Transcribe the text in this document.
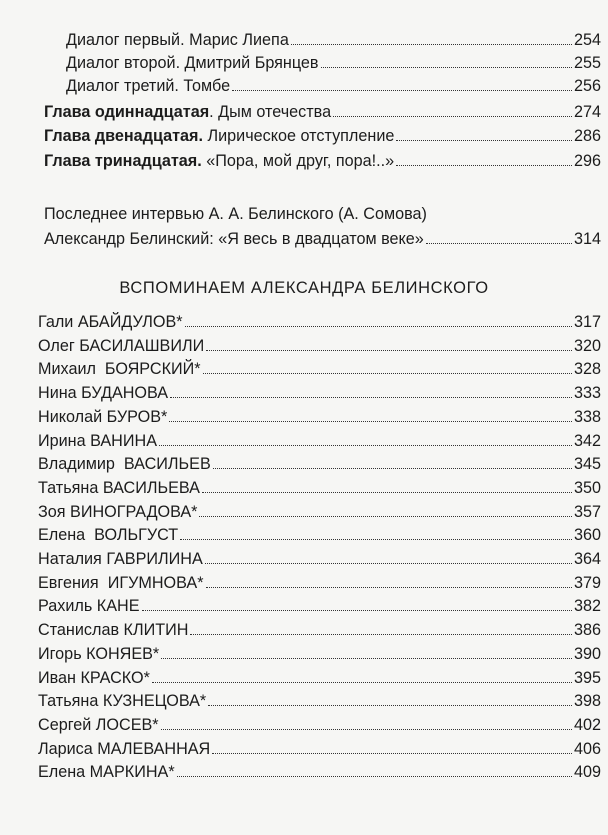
Диалог первый. Марис Лиепа	254
Диалог второй. Дмитрий Брянцев	255
Диалог третий. Томбе	256
Глава одиннадцатая. Дым отечества	274
Глава двенадцатая. Лирическое отступление	286
Глава тринадцатая. «Пора, мой друг, пора!..»	296
Последнее интервью А. А. Белинского (А. Сомова)
Александр Белинский: «Я весь в двадцатом веке»	314
ВСПОМИНАЕМ АЛЕКСАНДРА БЕЛИНСКОГО
Гали АБАЙДУЛОВ*	317
Олег БАСИЛАШВИЛИ	320
Михаил  БОЯРСКИЙ*	328
Нина БУДАНОВА	333
Николай БУРОВ*	338
Ирина ВАНИНА	342
Владимир  ВАСИЛЬЕВ	345
Татьяна ВАСИЛЬЕВА	350
Зоя ВИНОГРАДОВА*	357
Елена  ВОЛЬГУСТ	360
Наталия ГАВРИЛИНА	364
Евгения  ИГУМНОВА*	379
Рахиль КАНЕ	382
Станислав КЛИТИН	386
Игорь КОНЯЕВ*	390
Иван КРАСКО*	395
Татьяна КУЗНЕЦОВА*	398
Сергей ЛОСЕВ*	402
Лариса МАЛЕВАННАЯ	406
Елена МАРКИНА*	409
